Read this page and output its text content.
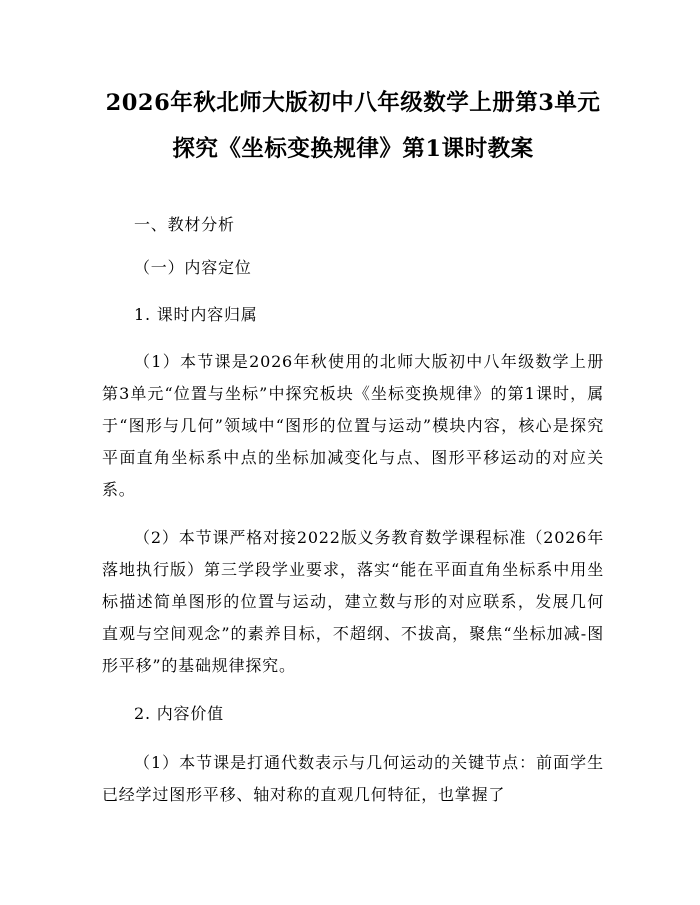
2026年秋北师大版初中八年级数学上册第3单元探究《坐标变换规律》第1课时教案

一、教材分析

（一）内容定位

1. 课时内容归属

（1）本节课是2026年秋使用的北师大版初中八年级数学上册第3单元“位置与坐标”中探究板块《坐标变换规律》的第1课时，属于“图形与几何”领域中“图形的位置与运动”模块内容，核心是探究平面直角坐标系中点的坐标加减变化与点、图形平移运动的对应关系。

（2）本节课严格对接2022版义务教育数学课程标准（2026年落地执行版）第三学段学业要求，落实“能在平面直角坐标系中用坐标描述简单图形的位置与运动，建立数与形的对应联系，发展几何直观与空间观念”的素养目标，不超纲、不拔高，聚焦“坐标加减-图形平移”的基础规律探究。

2. 内容价值

（1）本节课是打通代数表示与几何运动的关键节点：前面学生已经学过图形平移、轴对称的直观几何特征，也掌握了
